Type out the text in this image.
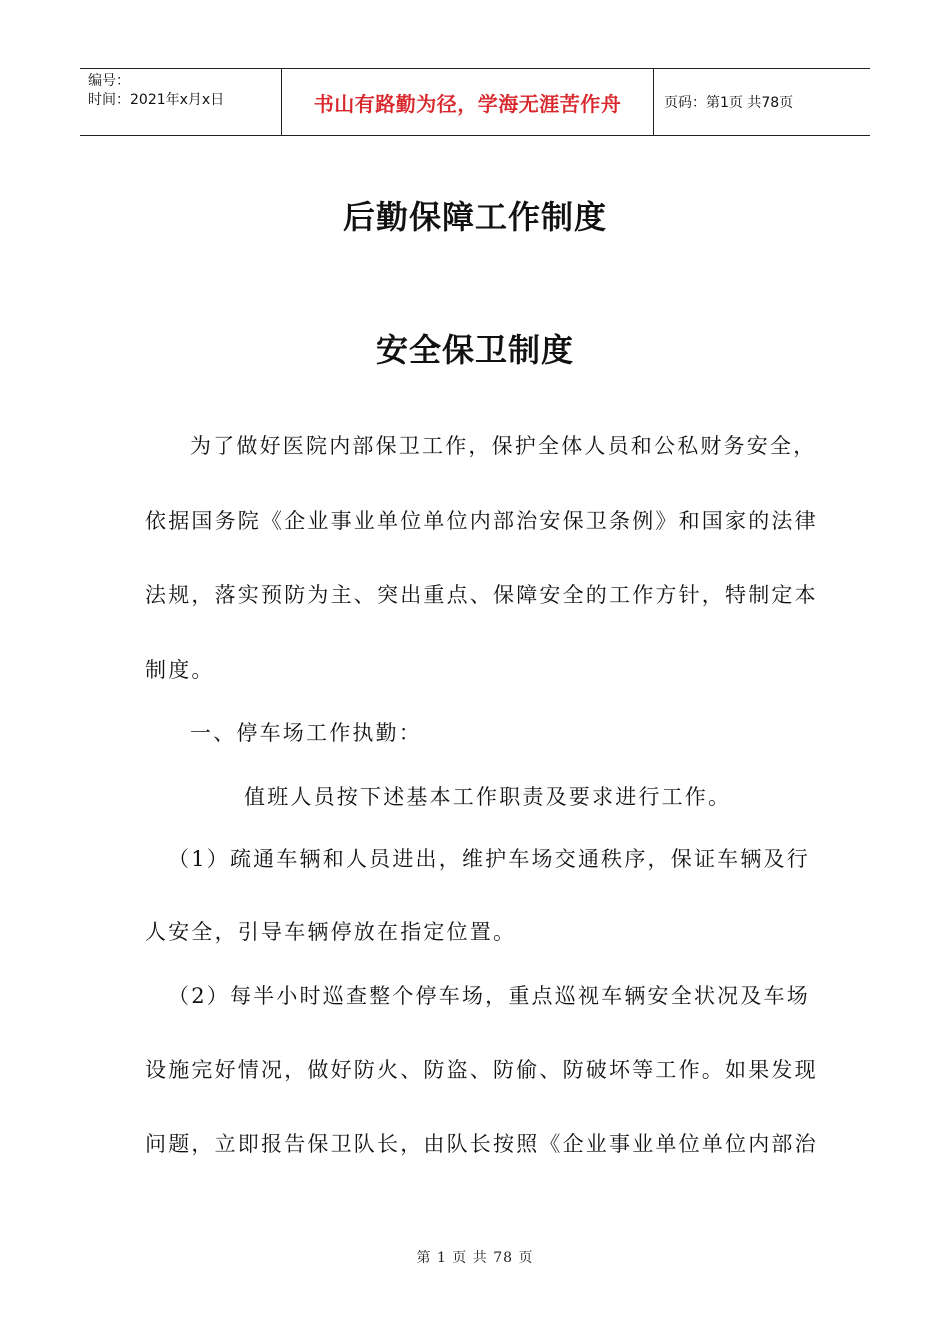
编号：
时间：2021年x月x日	书山有路勤为径，学海无涯苦作舟	页码：第1页 共78页
后勤保障工作制度
安全保卫制度
为了做好医院内部保卫工作，保护全体人员和公私财务安全，
依据国务院《企业事业单位单位内部治安保卫条例》和国家的法律
法规，落实预防为主、突出重点、保障安全的工作方针，特制定本
制度。
一、停车场工作执勤：
值班人员按下述基本工作职责及要求进行工作。
（1）疏通车辆和人员进出，维护车场交通秩序，保证车辆及行
人安全，引导车辆停放在指定位置。
（2）每半小时巡查整个停车场，重点巡视车辆安全状况及车场
设施完好情况，做好防火、防盗、防偷、防破坏等工作。如果发现
问题，立即报告保卫队长，由队长按照《企业事业单位单位内部治
第 1 页 共 78 页
